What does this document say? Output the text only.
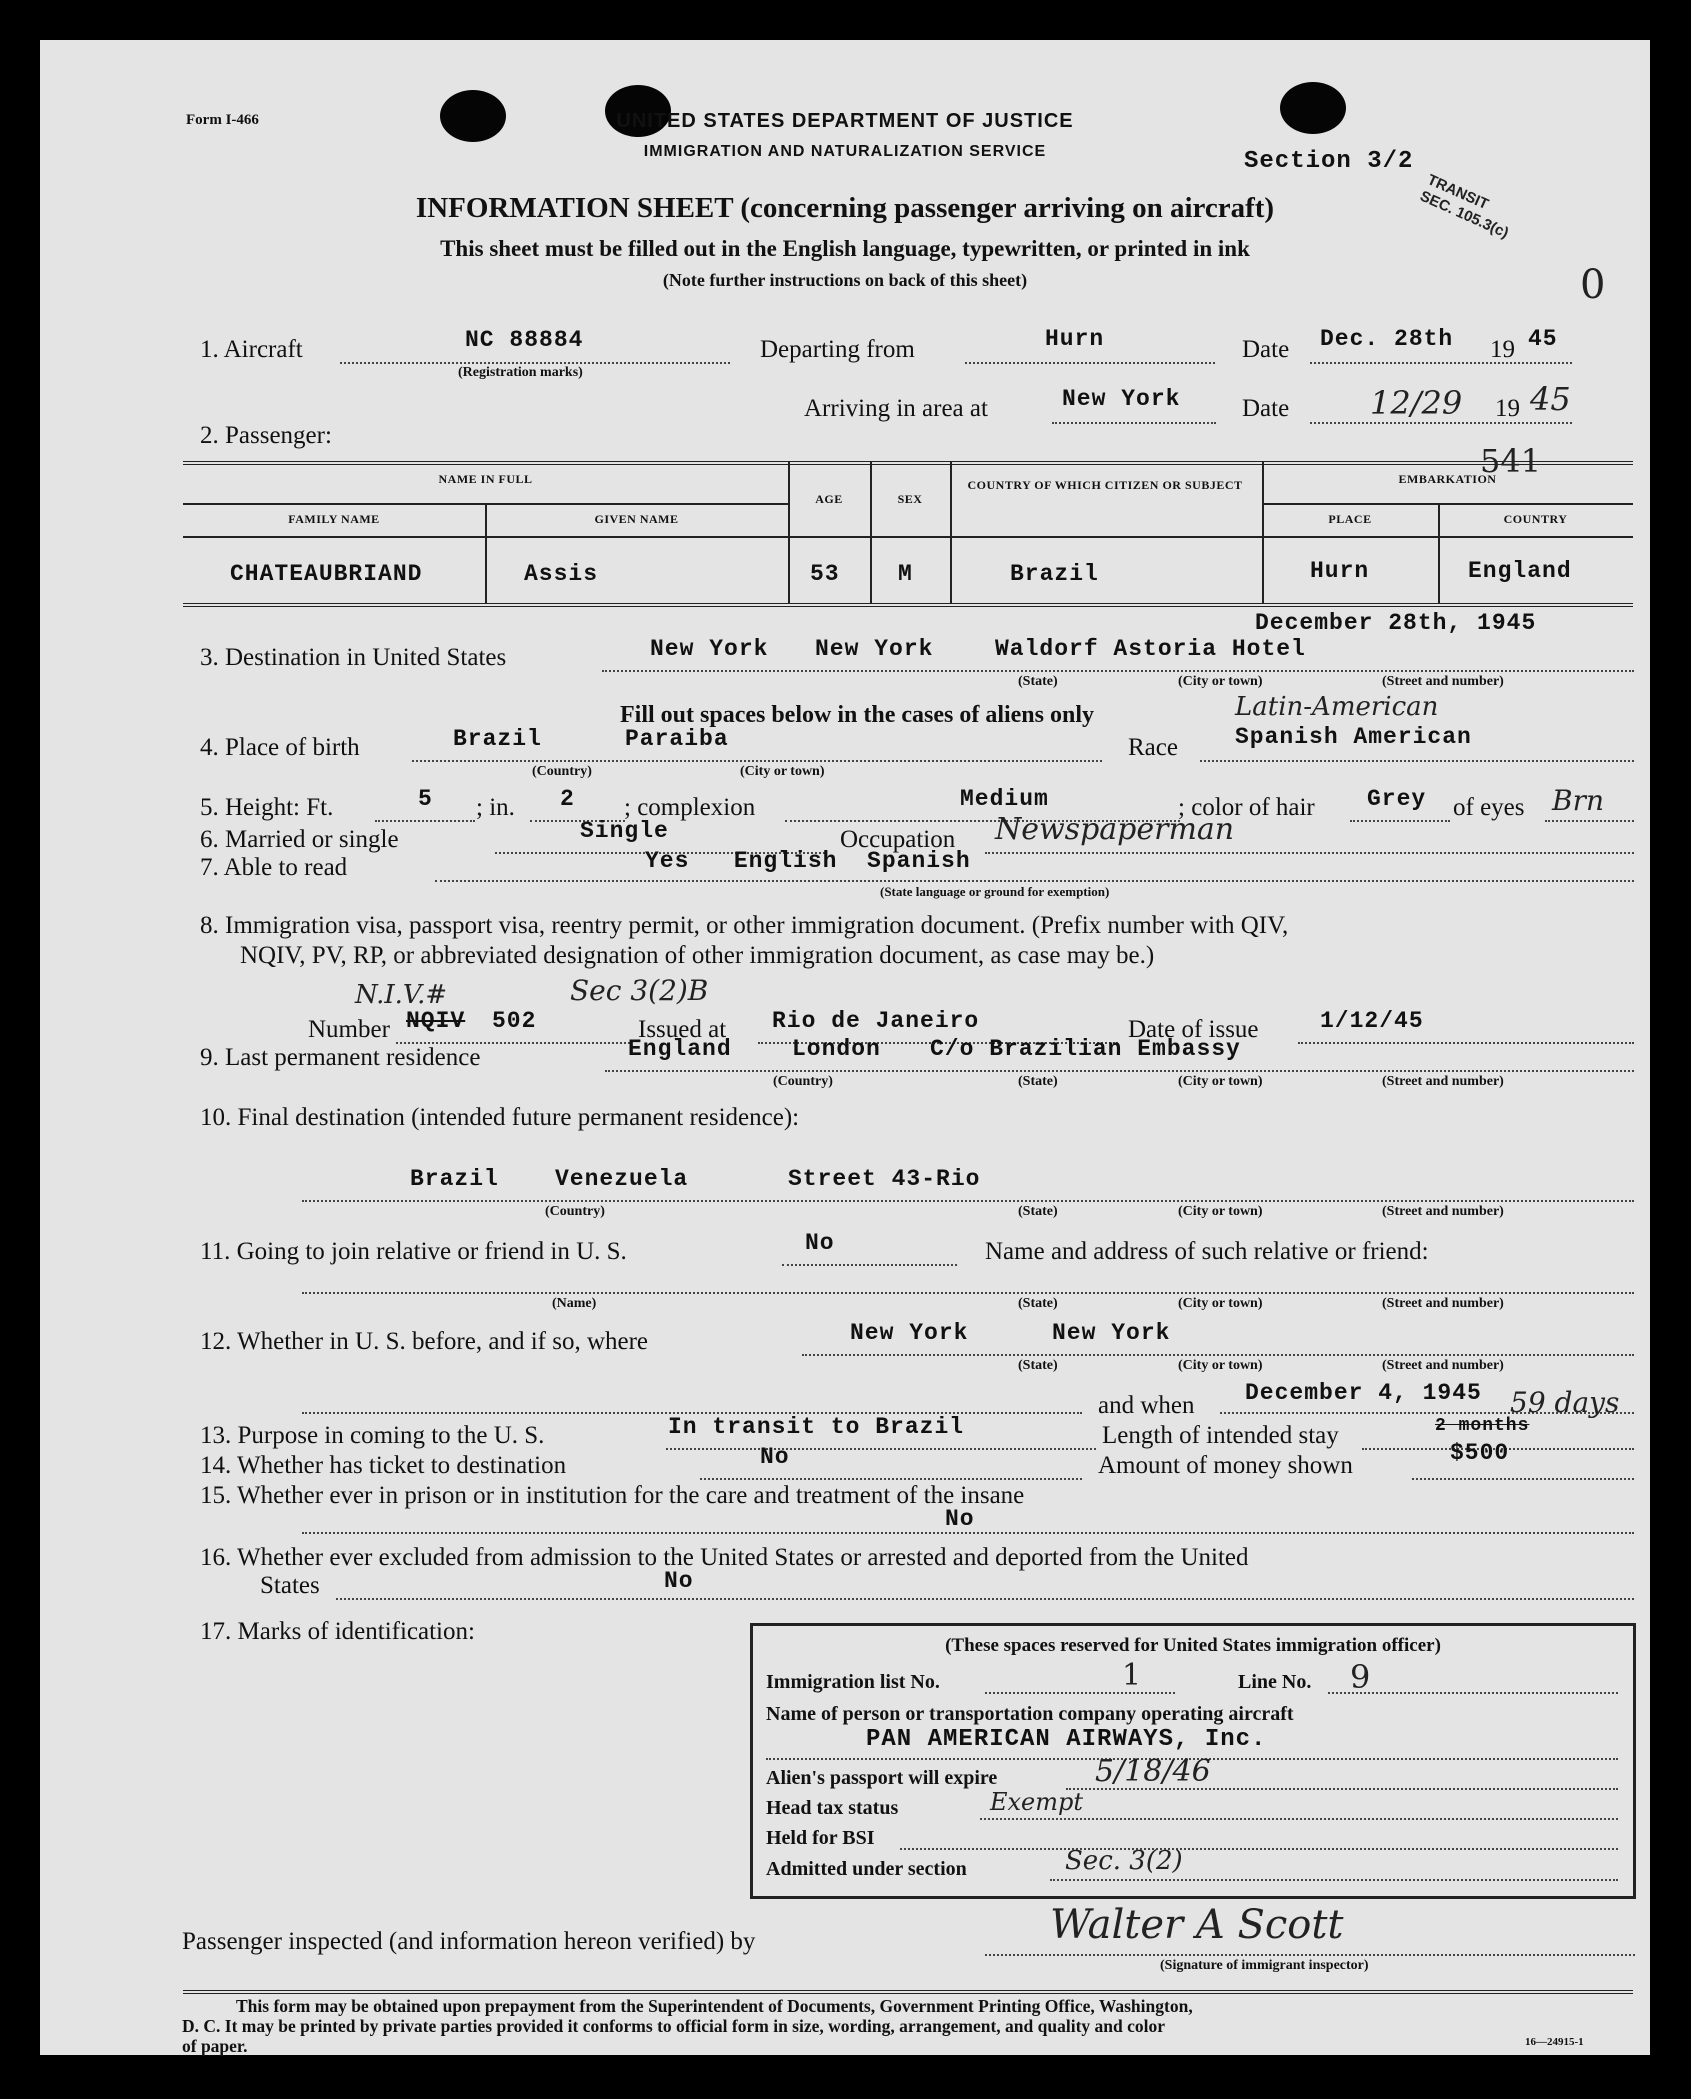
Form I-466	UNITED STATES DEPARTMENT OF JUSTICE
IMMIGRATION AND NATURALIZATION SERVICE	Section 3/2
TRANSIT SEC. 105.3(c)
0
INFORMATION SHEET (concerning passenger arriving on aircraft)
This sheet must be filled out in the English language, typewritten, or printed in ink
(Note further instructions on back of this sheet)
1. Aircraft	NC 88884
(Registration marks)
Departing from	Hurn	Date Dec. 28th 19 45
Arriving in area at	New York Date	12/29 19 45
541
2. Passenger:
NAME IN FULL
FAMILY NAME	GIVEN NAME
AGE	SEX
COUNTRY OF WHICH CITIZEN OR SUBJECT	EMBARKATION
PLACE	COUNTRY
CHATEAUBRIAND	Assis	53	M	Brazil	Hurn	England
December 28th, 1945
3. Destination in United States	New York New York	Waldorf Astoria Hotel
(State)	(City or town)	(Street and number)
Fill out spaces below in the cases of aliens only
4. Place of birth	Brazil	Paraiba
(Country)	(City or town)
Race
Latin-American
Spanish American
5. Height: Ft.	5 ; in. 2 ; complexion	Medium	; color of hair Grey of eyes Brn
6. Married or single	Single	Occupation Newspaperman
7. Able to read	Yes   English  Spanish
(State language or ground for exemption)
8. Immigration visa, passport visa, reentry permit, or other immigration document. (Prefix number with QIV,
NQIV, PV, RP, or abbreviated designation of other immigration document, as case may be.)
N.I.V.#	Sec 3(2)B
Number NQIV 502	Issued at Rio de Janeiro	Date of issue	1/12/45
9. Last permanent residence	England	London C/o Brazilian Embassy
(Country)	(State)	(City or town)	(Street and number)
10. Final destination (intended future permanent residence):
Brazil Venezuela	Street 43-Rio
(Country)	(State)	(City or town)	(Street and number)
11. Going to join relative or friend in U. S.	No	Name and address of such relative or friend:
(Name)	(State)	(City or town)	(Street and number)
12. Whether in U. S. before, and if so, where	New York	New York
(State)	(City or town)	(Street and number)
and when December 4, 1945
13. Purpose in coming to the U. S.	In transit to Brazil	Length of intended stay	2 months
59 days
14. Whether has ticket to destination	No	Amount of money shown	$500
15. Whether ever in prison or in institution for the care and treatment of the insane
No
16. Whether ever excluded from admission to the United States or arrested and deported from the United
States	No
17. Marks of identification:
(These spaces reserved for United States immigration officer)
Immigration list No.	1	Line No. 9
Name of person or transportation company operating aircraft
PAN AMERICAN AIRWAYS, Inc.
Alien's passport will expire	5/18/46
Head tax status	Exempt
Held for BSI
Admitted under section	Sec. 3(2)
Passenger inspected (and information hereon verified) by	Walter A Scott
(Signature of immigrant inspector)
This form may be obtained upon prepayment from the Superintendent of Documents, Government Printing Office, Washington,
D. C. It may be printed by private parties provided it conforms to official form in size, wording, arrangement, and quality and color
of paper.	16—24915-1
